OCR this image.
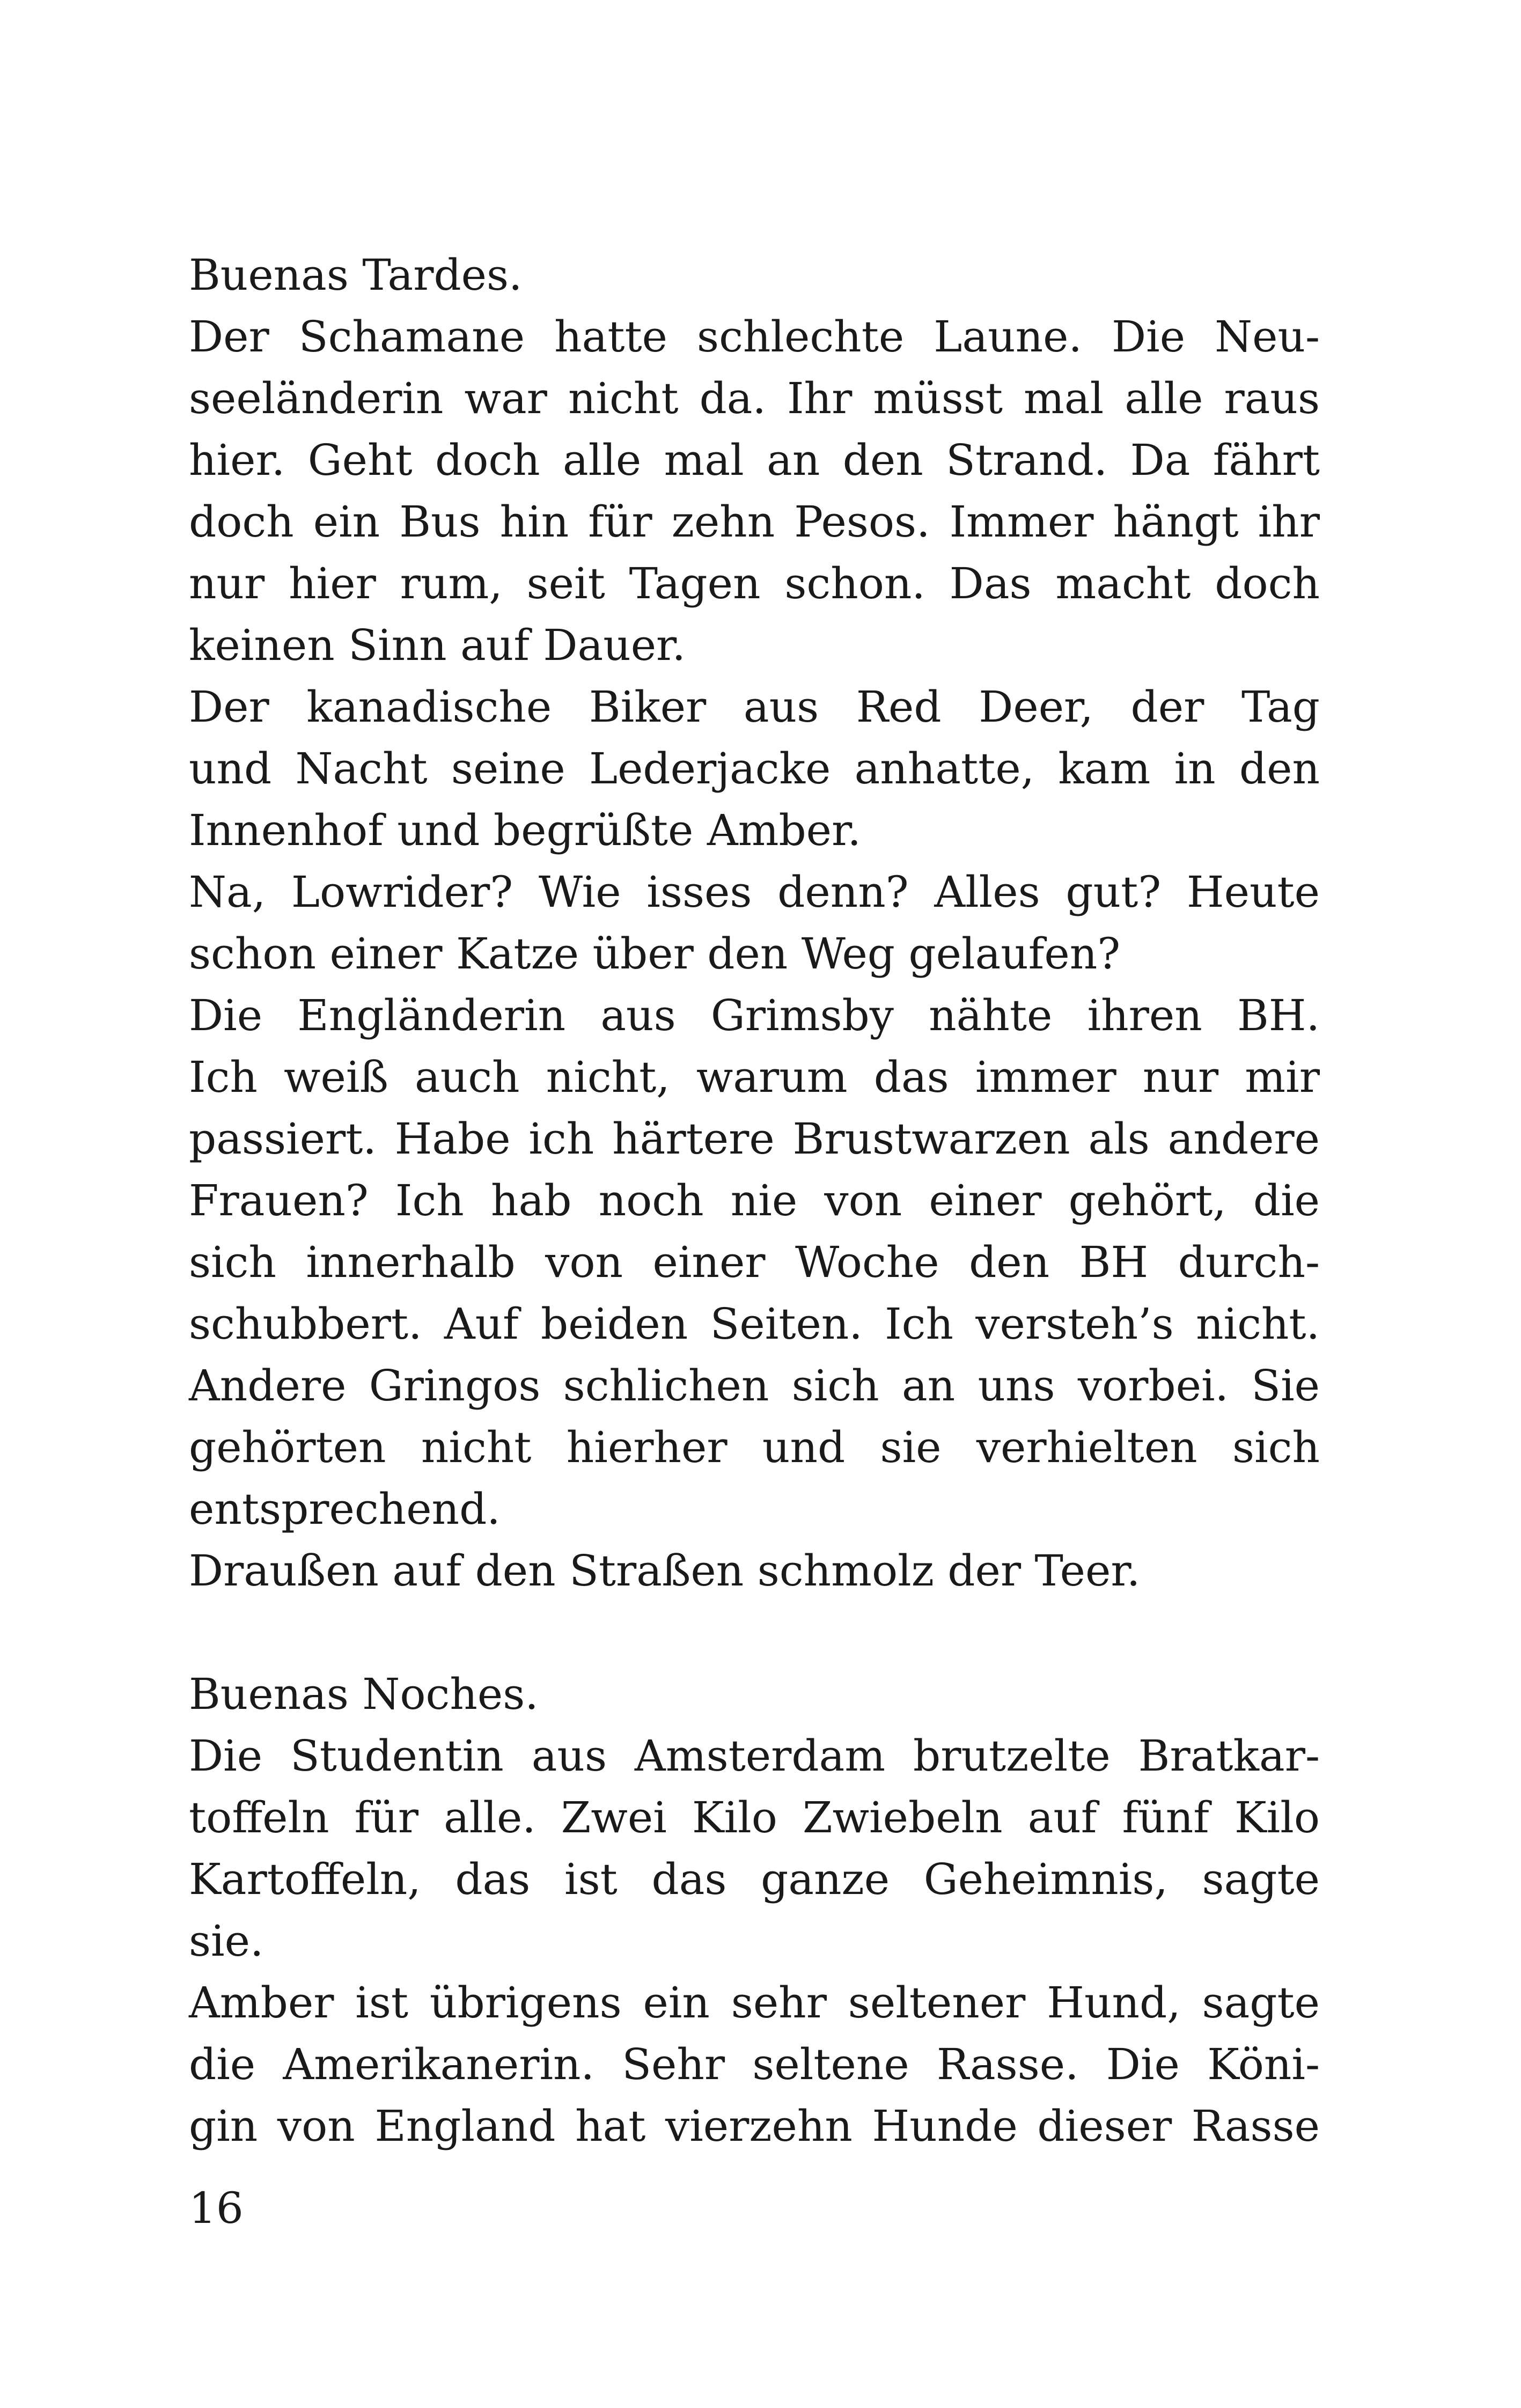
Buenas Tardes.
Der Schamane hatte schlechte Laune. Die Neu-
seeländerin war nicht da. Ihr müsst mal alle raus
hier. Geht doch alle mal an den Strand. Da fährt
doch ein Bus hin für zehn Pesos. Immer hängt ihr
nur hier rum, seit Tagen schon. Das macht doch
keinen Sinn auf Dauer.
Der kanadische Biker aus Red Deer, der Tag
und Nacht seine Lederjacke anhatte, kam in den
Innenhof und begrüßte Amber.
Na, Lowrider? Wie isses denn? Alles gut? Heute
schon einer Katze über den Weg gelaufen?
Die Engländerin aus Grimsby nähte ihren BH.
Ich weiß auch nicht, warum das immer nur mir
passiert. Habe ich härtere Brustwarzen als andere
Frauen? Ich hab noch nie von einer gehört, die
sich innerhalb von einer Woche den BH durch-
schubbert. Auf beiden Seiten. Ich versteh’s nicht.
Andere Gringos schlichen sich an uns vorbei. Sie
gehörten nicht hierher und sie verhielten sich
entsprechend.
Draußen auf den Straßen schmolz der Teer.
Buenas Noches.
Die Studentin aus Amsterdam brutzelte Bratkar-
toffeln für alle. Zwei Kilo Zwiebeln auf fünf Kilo
Kartoffeln, das ist das ganze Geheimnis, sagte
sie.
Amber ist übrigens ein sehr seltener Hund, sagte
die Amerikanerin. Sehr seltene Rasse. Die Köni-
gin von England hat vierzehn Hunde dieser Rasse
16
